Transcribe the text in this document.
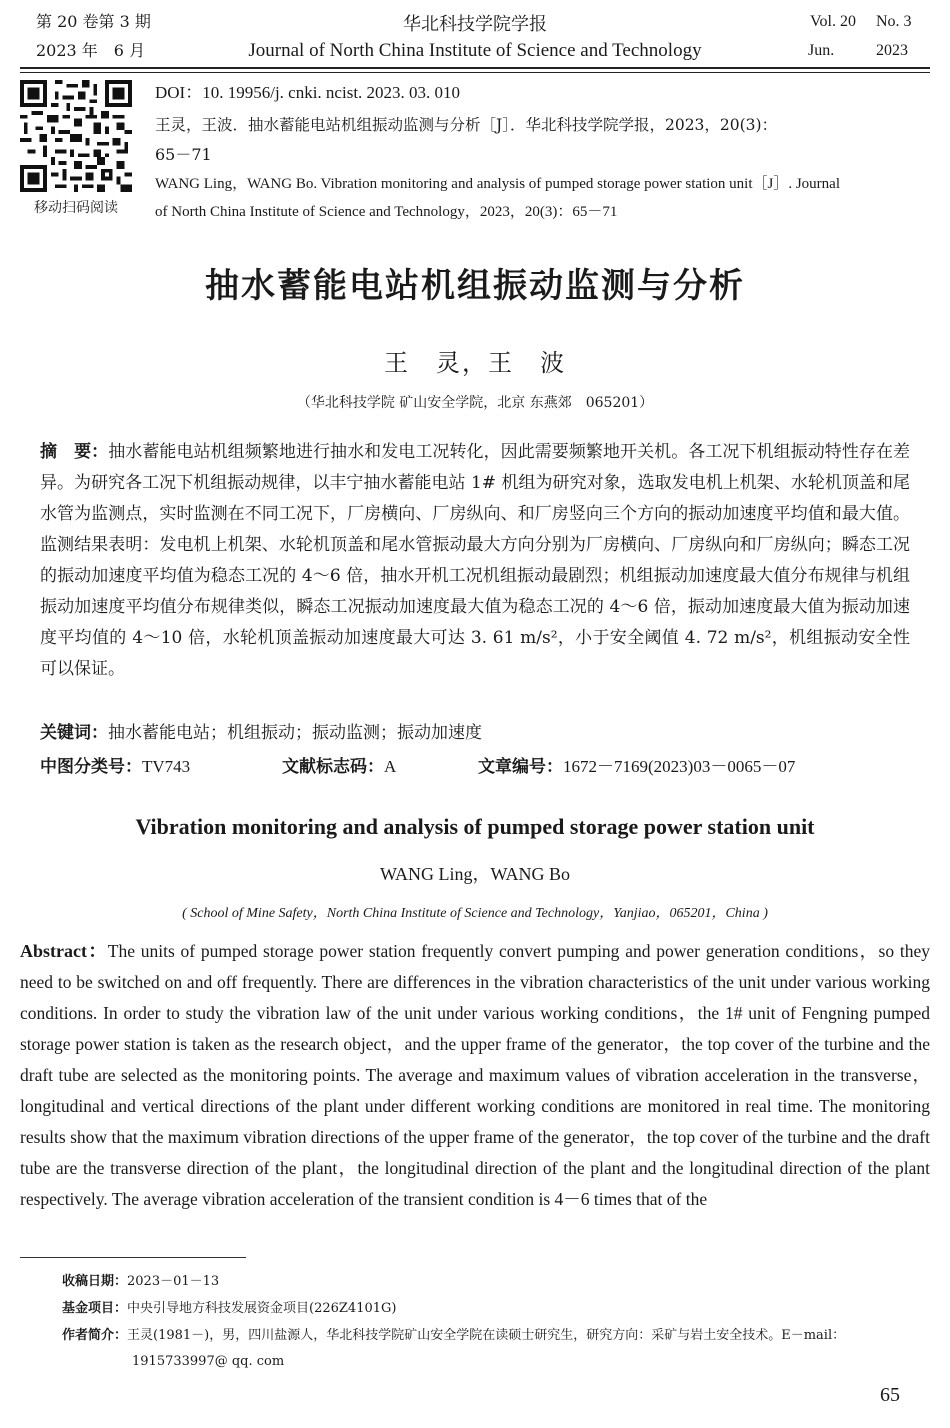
第 20 卷第 3 期
2023 年　6 月
华北科技学院学报
Journal of North China Institute of Science and Technology
Vol. 20 No. 3
Jun.	2023
移动扫码阅读
DOI：10. 19956/j. cnki. ncist. 2023. 03. 010
王灵，王波．抽水蓄能电站机组振动监测与分析［J］．华北科技学院学报，2023，20(3)：
65－71
WANG Ling，WANG Bo. Vibration monitoring and analysis of pumped storage power station unit［J］. Journal
of North China Institute of Science and Technology，2023，20(3)：65－71
抽水蓄能电站机组振动监测与分析
王　灵，王　波
（华北科技学院 矿山安全学院，北京 东燕郊　065201）
摘　要：抽水蓄能电站机组频繁地进行抽水和发电工况转化，因此需要频繁地开关机。各工况下机组振动特性存在差异。为研究各工况下机组振动规律，以丰宁抽水蓄能电站 1# 机组为研究对象，选取发电机上机架、水轮机顶盖和尾水管为监测点，实时监测在不同工况下，厂房横向、厂房纵向、和厂房竖向三个方向的振动加速度平均值和最大值。监测结果表明：发电机上机架、水轮机顶盖和尾水管振动最大方向分别为厂房横向、厂房纵向和厂房纵向；瞬态工况的振动加速度平均值为稳态工况的 4～6 倍，抽水开机工况机组振动最剧烈；机组振动加速度最大值分布规律与机组振动加速度平均值分布规律类似，瞬态工况振动加速度最大值为稳态工况的 4～6 倍，振动加速度最大值为振动加速度平均值的 4～10 倍，水轮机顶盖振动加速度最大可达 3. 61 m/s²，小于安全阈值 4. 72 m/s²，机组振动安全性可以保证。
关键词：抽水蓄能电站；机组振动；振动监测；振动加速度
中图分类号：TV743	文献标志码：A	文章编号：1672－7169(2023)03－0065－07
Vibration monitoring and analysis of pumped storage power station unit
WANG Ling，WANG Bo
( School of Mine Safety，North China Institute of Science and Technology，Yanjiao，065201，China )
Abstract：The units of pumped storage power station frequently convert pumping and power generation conditions，so they need to be switched on and off frequently. There are differences in the vibration characteristics of the unit under various working conditions. In order to study the vibration law of the unit under various working conditions，the 1# unit of Fengning pumped storage power station is taken as the research object，and the upper frame of the generator，the top cover of the turbine and the draft tube are selected as the monitoring points. The average and maximum values of vibration acceleration in the transverse，longitudinal and vertical directions of the plant under different working conditions are monitored in real time. The monitoring results show that the maximum vibration directions of the upper frame of the generator，the top cover of the turbine and the draft tube are the transverse direction of the plant，the longitudinal direction of the plant and the longitudinal direction of the plant respectively. The average vibration acceleration of the transient condition is 4－6 times that of the
收稿日期：2023－01－13
基金项目：中央引导地方科技发展资金项目(226Z4101G)
作者简介：王灵(1981－)，男，四川盐源人，华北科技学院矿山安全学院在读硕士研究生，研究方向：采矿与岩土安全技术。E－mail：
1915733997@ qq. com
65
